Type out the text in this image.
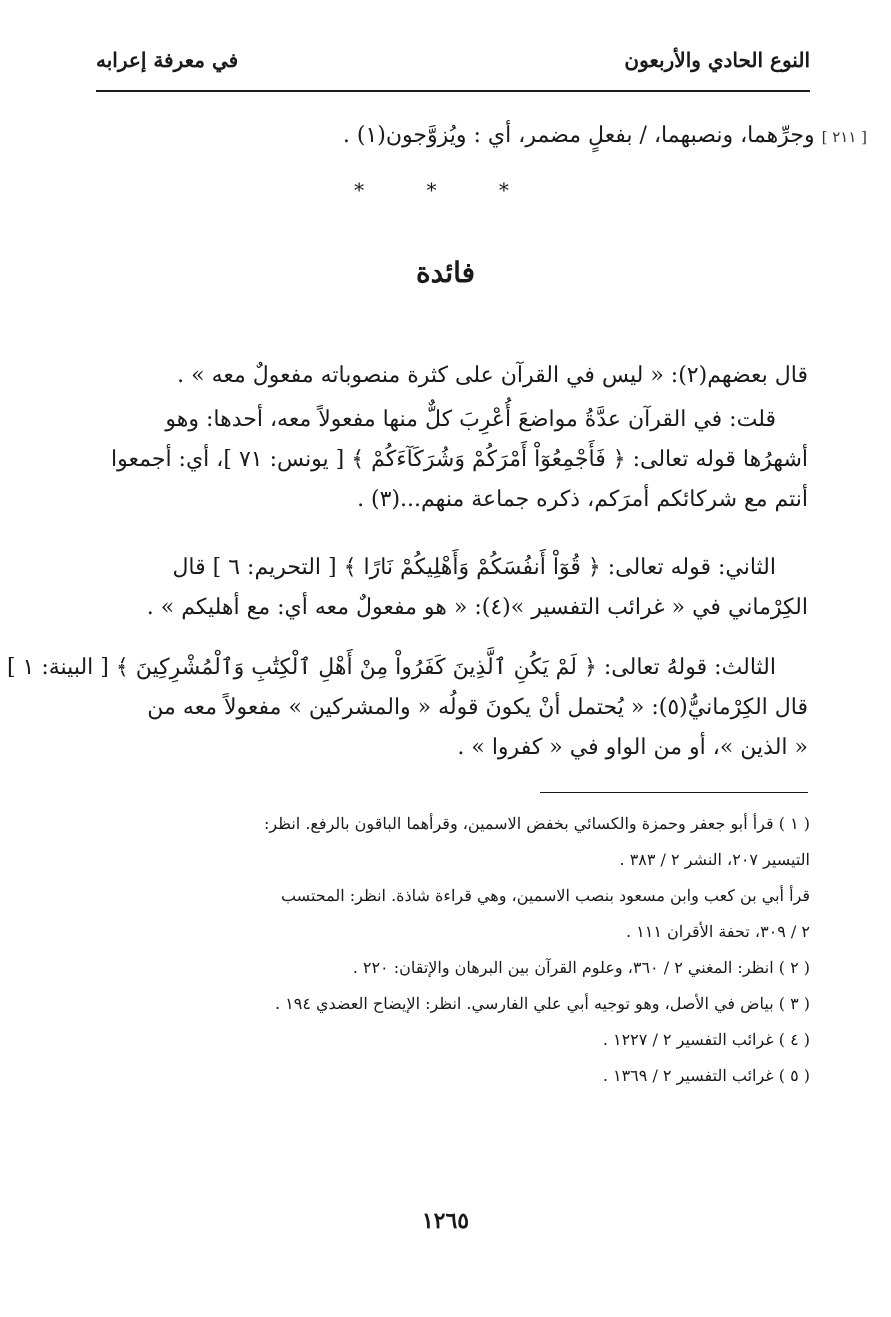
النوع الحادي والأربعون
في معرفة إعرابه
[ ٢١١ ] وجرِّهما، ونصبهما، / بفعلٍ مضمر، أي : ويُزوَّجون(١) .
* * *
فائدة
قال بعضهم(٢): « ليس في القرآن على كثرة منصوباته مفعولٌ معه » .
قلت: في القرآن عدَّةُ مواضعَ أُعْرِبَ كلٌّ منها مفعولاً معه، أحدها: وهو
أشهرُها قوله تعالى: ﴿ فَأَجْمِعُوٓاْ أَمْرَكُمْ وَشُرَكَآءَكُمْ ﴾ [ يونس: ٧١ ]، أي: أجمعوا
أنتم مع شركائكم أمرَكم، ذكره جماعة منهم...(٣) .
الثاني: قوله تعالى: ﴿ قُوٓاْ أَنفُسَكُمْ وَأَهْلِيكُمْ نَارًا ﴾ [ التحريم: ٦ ] قال
الكِرْماني في « غرائب التفسير »(٤): « هو مفعولٌ معه أي: مع أهليكم » .
الثالث: قولهُ تعالى: ﴿ لَمْ يَكُنِ ٱلَّذِينَ كَفَرُواْ مِنْ أَهْلِ ٱلْكِتَٰبِ وَٱلْمُشْرِكِينَ ﴾ [ البينة: ١ ]
قال الكِرْمانيُّ(٥): « يُحتمل أنْ يكونَ قولُه « والمشركين » مفعولاً معه من
« الذين »، أو من الواو في « كفروا » .
( ١ ) قرأ أبو جعفر وحمزة والكسائي بخفض الاسمين، وقرأهما الباقون بالرفع. انظر:
التيسير ٢٠٧، النشر ٢ / ٣٨٣ .
قرأ أبي بن كعب وابن مسعود بنصب الاسمين، وهي قراءة شاذة. انظر: المحتسب
٢ / ٣٠٩، تحفة الأقران ١١١ .
( ٢ ) انظر: المغني ٢ / ٣٦٠، وعلوم القرآن بين البرهان والإتقان: ٢٢٠ .
( ٣ ) بياض في الأصل، وهو توجيه أبي علي الفارسي. انظر: الإيضاح العضدي ١٩٤ .
( ٤ ) غرائب التفسير ٢ / ١٢٢٧ .
( ٥ ) غرائب التفسير ٢ / ١٣٦٩ .
١٢٦٥
